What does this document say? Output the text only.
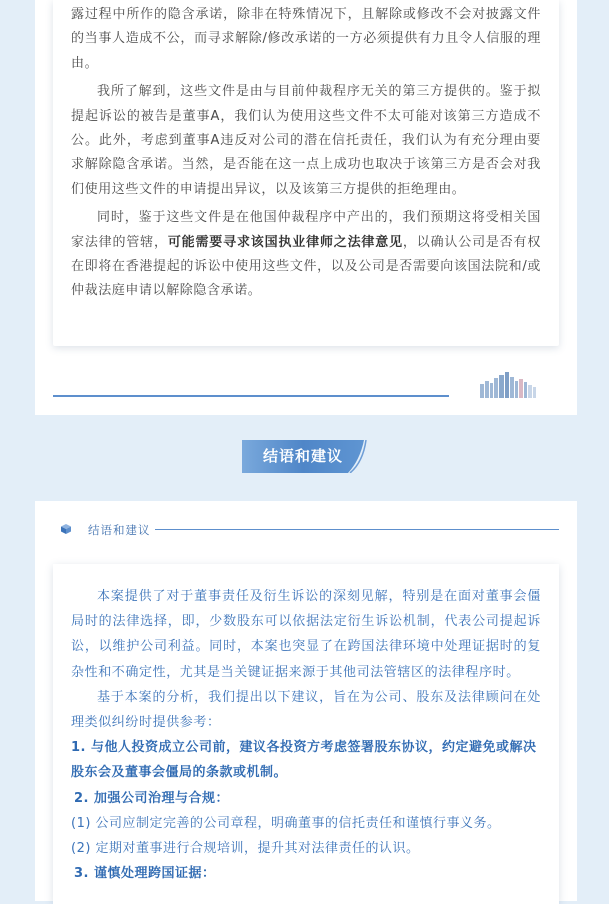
露过程中所作的隐含承诺，除非在特殊情况下，且解除或修改不会对披露文件的当事人造成不公，而寻求解除/修改承诺的一方必须提供有力且令人信服的理由。

我所了解到，这些文件是由与目前仲裁程序无关的第三方提供的。鉴于拟提起诉讼的被告是董事A，我们认为使用这些文件不太可能对该第三方造成不公。此外，考虑到董事A违反对公司的潜在信托责任，我们认为有充分理由要求解除隐含承诺。当然，是否能在这一点上成功也取决于该第三方是否会对我们使用这些文件的申请提出异议，以及该第三方提供的拒绝理由。

同时，鉴于这些文件是在他国仲裁程序中产出的，我们预期这将受相关国家法律的管辖，可能需要寻求该国执业律师之法律意见，以确认公司是否有权在即将在香港提起的诉讼中使用这些文件，以及公司是否需要向该国法院和/或仲裁法庭申请以解除隐含承诺。

结语和建议
结语和建议

本案提供了对于董事责任及衍生诉讼的深刻见解，特别是在面对董事会僵局时的法律选择，即，少数股东可以依据法定衍生诉讼机制，代表公司提起诉讼，以维护公司利益。同时，本案也突显了在跨国法律环境中处理证据时的复杂性和不确定性，尤其是当关键证据来源于其他司法管辖区的法律程序时。

基于本案的分析，我们提出以下建议，旨在为公司、股东及法律顾问在处理类似纠纷时提供参考：

1. 与他人投资成立公司前，建议各投资方考虑签署股东协议，约定避免或解决股东会及董事会僵局的条款或机制。

2. 加强公司治理与合规：

(1) 公司应制定完善的公司章程，明确董事的信托责任和谨慎行事义务。

(2) 定期对董事进行合规培训，提升其对法律责任的认识。

3. 谨慎处理跨国证据：
